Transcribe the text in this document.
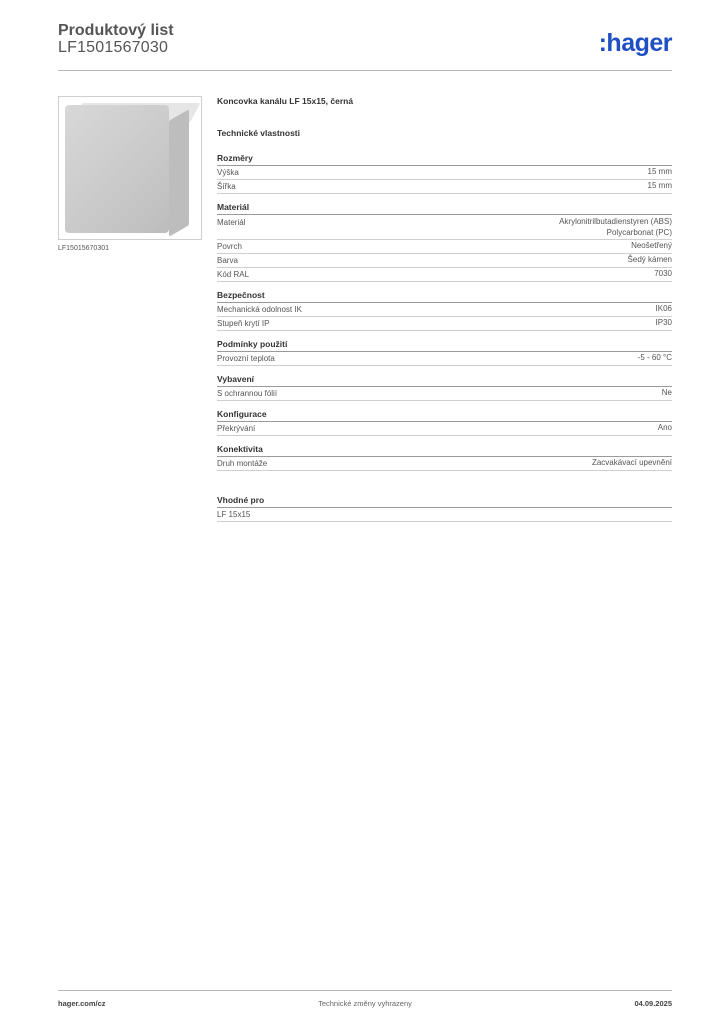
Produktový list
LF1501567030	:hager
LF15015670301
Koncovka kanálu LF 15x15, černá
Technické vlastnosti
Rozměry
Výška	15 mm
Šířka	15 mm
Materiál
Materiál	Akrylonitrilbutadienstyren (ABS)
Polycarbonat (PC)
Povrch	Neošetřený
Barva	Šedý kámen
Kód RAL	7030
Bezpečnost
Mechanická odolnost IK	IK06
Stupeň krytí IP	IP30
Podmínky použití
Provozní teplota	-5 - 60 °C
Vybavení
S ochrannou fólií	Ne
Konfigurace
Překrývání	Ano
Konektivita
Druh montáže	Zacvakávací upevnění
Vhodné pro
LF 15x15
hager.com/cz	Technické změny vyhrazeny	04.09.2025
